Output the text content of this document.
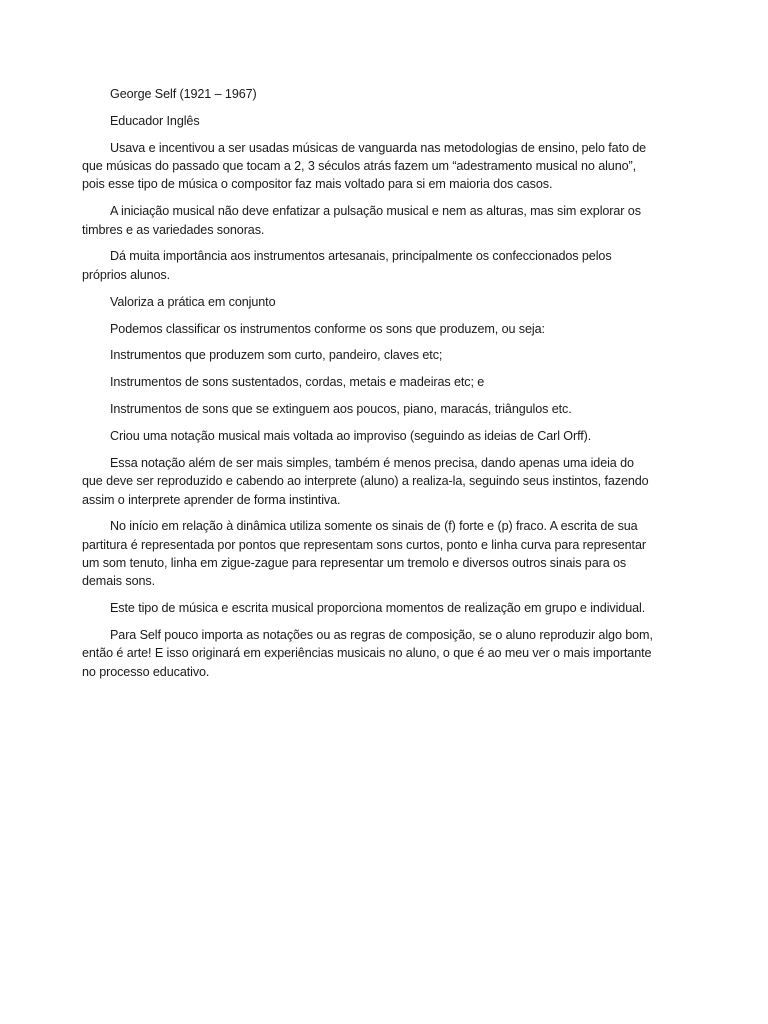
George Self (1921 – 1967)

Educador Inglês

Usava e incentivou a ser usadas músicas de vanguarda nas metodologias de ensino, pelo fato de que músicas do passado que tocam a 2, 3 séculos atrás fazem um “adestramento musical no aluno”, pois esse tipo de música o compositor faz mais voltado para si em maioria dos casos.

A iniciação musical não deve enfatizar a pulsação musical e nem as alturas, mas sim explorar os timbres e as variedades sonoras.

Dá muita importância aos instrumentos artesanais, principalmente os confeccionados pelos próprios alunos.

Valoriza a prática em conjunto

Podemos classificar os instrumentos conforme os sons que produzem, ou seja:

Instrumentos que produzem som curto, pandeiro, claves etc;

Instrumentos de sons sustentados, cordas, metais e madeiras etc; e

Instrumentos de sons que se extinguem aos poucos, piano, maracás, triângulos etc.

Criou uma notação musical mais voltada ao improviso (seguindo as ideias de Carl Orff).

Essa notação além de ser mais simples, também é menos precisa, dando apenas uma ideia do que deve ser reproduzido e cabendo ao interprete (aluno) a realiza-la, seguindo seus instintos, fazendo assim o interprete aprender de forma instintiva.

No início em relação à dinâmica utiliza somente os sinais de (f) forte e (p) fraco. A escrita de sua partitura é representada por pontos que representam sons curtos, ponto e linha curva para representar um som tenuto, linha em zigue-zague para representar um tremolo e diversos outros sinais para os demais sons.

Este tipo de música e escrita musical proporciona momentos de realização em grupo e individual.

Para Self pouco importa as notações ou as regras de composição, se o aluno reproduzir algo bom, então é arte! E isso originará em experiências musicais no aluno, o que é ao meu ver o mais importante no processo educativo.
